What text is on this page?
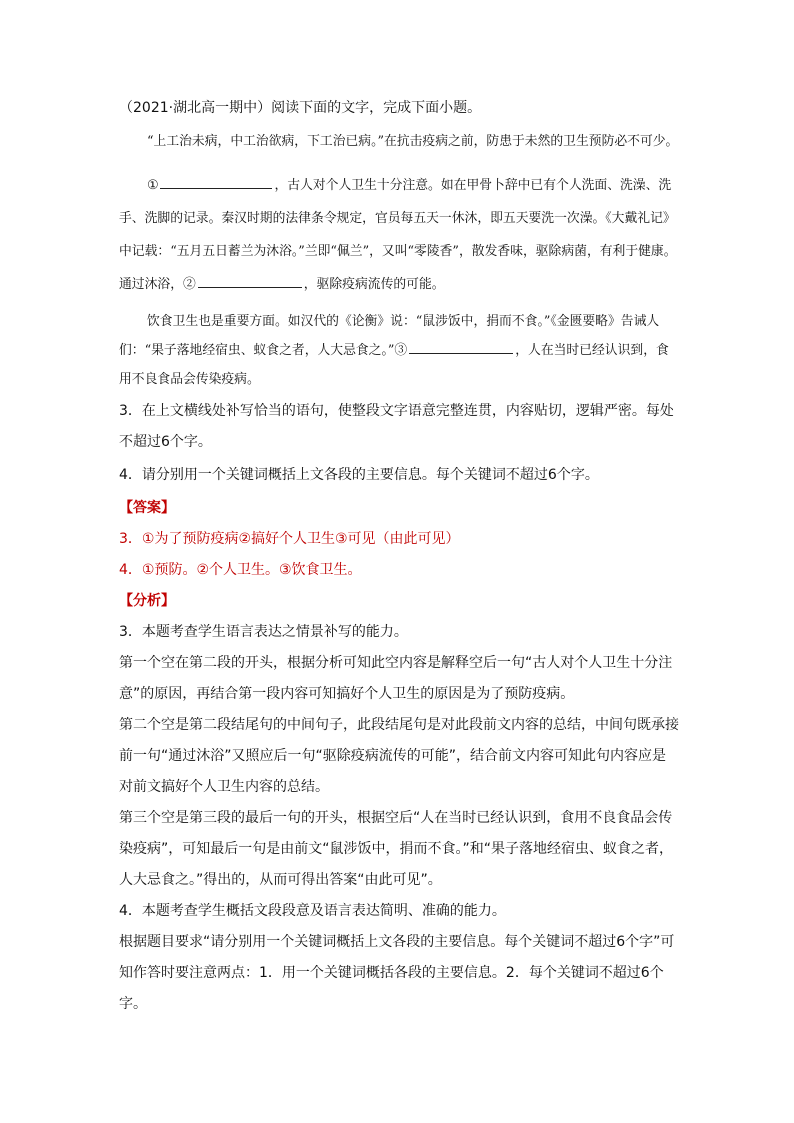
（2021·湖北高一期中）阅读下面的文字，完成下面小题。

“上工治未病，中工治欲病，下工治已病。”在抗击疫病之前，防患于未然的卫生预防必不可少。

①	，古人对个人卫生十分注意。如在甲骨卜辞中已有个人洗面、洗澡、洗手、洗脚的记录。秦汉时期的法律条令规定，官员每五天一休沐，即五天要洗一次澡。《大戴礼记》中记载：“五月五日蓄兰为沐浴。”兰即“佩兰”，又叫“零陵香”，散发香味，驱除病菌，有利于健康。通过沐浴，②	，驱除疫病流传的可能。

饮食卫生也是重要方面。如汉代的《论衡》说：“鼠涉饭中，捐而不食。”《金匮要略》告诫人们：“果子落地经宿虫、蚁食之者，人大忌食之。”③	，人在当时已经认识到，食用不良食品会传染疫病。

3．在上文横线处补写恰当的语句，使整段文字语意完整连贯，内容贴切，逻辑严密。每处不超过6个字。

4．请分别用一个关键词概括上文各段的主要信息。每个关键词不超过6个字。

【答案】

3．①为了预防疫病②搞好个人卫生③可见（由此可见）

4．①预防。②个人卫生。③饮食卫生。

【分析】

3．本题考查学生语言表达之情景补写的能力。

第一个空在第二段的开头，根据分析可知此空内容是解释空后一句“古人对个人卫生十分注意”的原因，再结合第一段内容可知搞好个人卫生的原因是为了预防疫病。

第二个空是第二段结尾句的中间句子，此段结尾句是对此段前文内容的总结，中间句既承接前一句“通过沐浴”又照应后一句“驱除疫病流传的可能”，结合前文内容可知此句内容应是对前文搞好个人卫生内容的总结。

第三个空是第三段的最后一句的开头，根据空后“人在当时已经认识到，食用不良食品会传染疫病”，可知最后一句是由前文“鼠涉饭中，捐而不食。”和“果子落地经宿虫、蚁食之者，人大忌食之。”得出的，从而可得出答案“由此可见”。

4．本题考查学生概括文段段意及语言表达简明、准确的能力。

根据题目要求“请分别用一个关键词概括上文各段的主要信息。每个关键词不超过6个字”可知作答时要注意两点：1．用一个关键词概括各段的主要信息。2．每个关键词不超过6个字。
